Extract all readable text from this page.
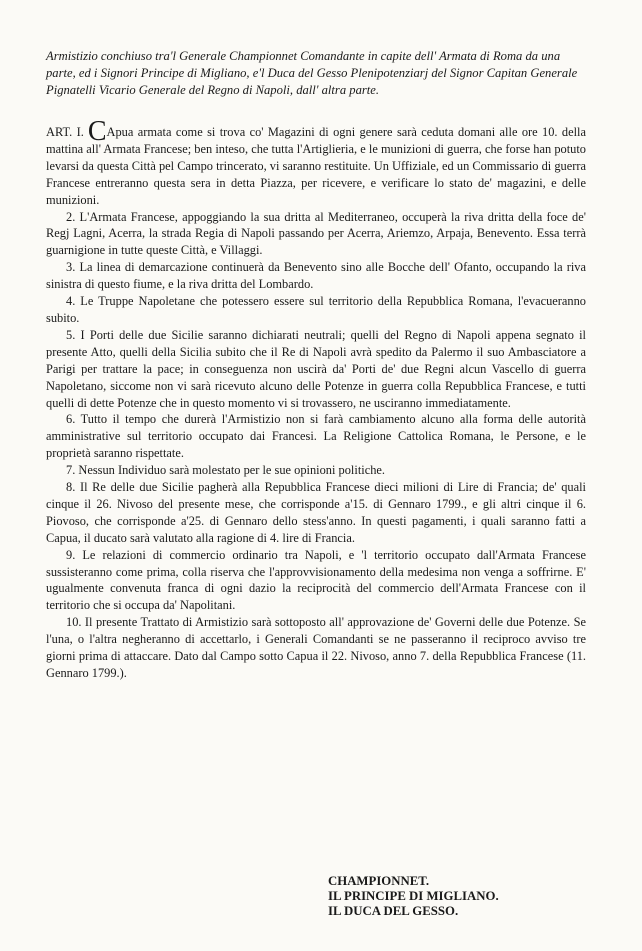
Armistizio conchiuso tra'l Generale Championnet Comandante in capite dell' Armata di Roma da una parte, ed i Signori Principe di Migliano, e'l Duca del Gesso Plenipotenziarj del Signor Capitan Generale Pignatelli Vicario Generale del Regno di Napoli, dall' altra parte.

ART. I. CApua armata come si trova co' Magazini di ogni genere sarà ceduta domani alle ore 10. della mattina all' Armata Francese; ben inteso, che tutta l'Artiglieria, e le munizioni di guerra, che forse han potuto levarsi da questa Città pel Campo trincerato, vi saranno restituite. Un Uffiziale, ed un Commissario di guerra Francese entreranno questa sera in detta Piazza, per ricevere, e verificare lo stato de' magazini, e delle munizioni.

2. L'Armata Francese, appoggiando la sua dritta al Mediterraneo, occuperà la riva dritta della foce de' Regj Lagni, Acerra, la strada Regia di Napoli passando per Acerra, Ariemzo, Arpaja, Benevento. Essa terrà guarnigione in tutte queste Città, e Villaggi.

3. La linea di demarcazione continuerà da Benevento sino alle Bocche dell' Ofanto, occupando la riva sinistra di questo fiume, e la riva dritta del Lombardo.

4. Le Truppe Napoletane che potessero essere sul territorio della Repubblica Romana, l'evacueranno subito.

5. I Porti delle due Sicilie saranno dichiarati neutrali; quelli del Regno di Napoli appena segnato il presente Atto, quelli della Sicilia subito che il Re di Napoli avrà spedito da Palermo il suo Ambasciatore a Parigi per trattare la pace; in conseguenza non uscirà da' Porti de' due Regni alcun Vascello di guerra Napoletano, siccome non vi sarà ricevuto alcuno delle Potenze in guerra colla Repubblica Francese, e tutti quelli di dette Potenze che in questo momento vi si trovassero, ne usciranno immediatamente.

6. Tutto il tempo che durerà l'Armistizio non si farà cambiamento alcuno alla forma delle autorità amministrative sul territorio occupato dai Francesi. La Religione Cattolica Romana, le Persone, e le proprietà saranno rispettate.

7. Nessun Individuo sarà molestato per le sue opinioni politiche.

8. Il Re delle due Sicilie pagherà alla Repubblica Francese dieci milioni di Lire di Francia; de' quali cinque il 26. Nivoso del presente mese, che corrisponde a'15. di Gennaro 1799., e gli altri cinque il 6. Piovoso, che corrisponde a'25. di Gennaro dello stess'anno. In questi pagamenti, i quali saranno fatti a Capua, il ducato sarà valutato alla ragione di 4. lire di Francia.

9. Le relazioni di commercio ordinario tra Napoli, e 'l territorio occupato dall'Armata Francese sussisteranno come prima, colla riserva che l'approvvisionamento della medesima non venga a soffrirne. E' ugualmente convenuta franca di ogni dazio la reciprocità del commercio dell'Armata Francese con il territorio che si occupa da' Napolitani.

10. Il presente Trattato di Armistizio sarà sottoposto all' approvazione de' Governi delle due Potenze. Se l'una, o l'altra negheranno di accettarlo, i Generali Comandanti se ne passeranno il reciproco avviso tre giorni prima di attaccare. Dato dal Campo sotto Capua il 22. Nivoso, anno 7. della Repubblica Francese (11. Gennaro 1799.).

CHAMPIONNET.
IL PRINCIPE DI MIGLIANO.
IL DUCA DEL GESSO.
